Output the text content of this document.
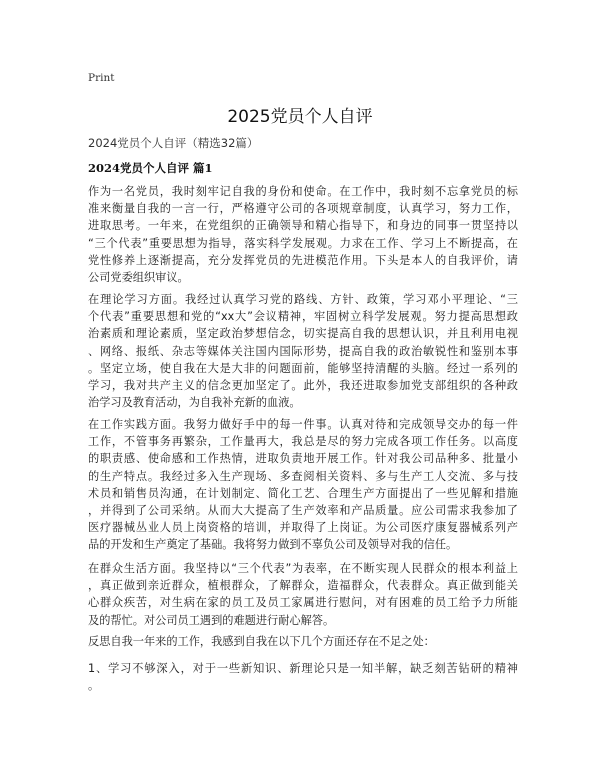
Print
2025党员个人自评
2024党员个人自评（精选32篇）
2024党员个人自评 篇1

作为一名党员，我时刻牢记自我的身份和使命。在工作中，我时刻不忘拿党员的标
准来衡量自我的一言一行，严格遵守公司的各项规章制度，认真学习，努力工作，
进取思考。一年来，在党组织的正确领导和精心指导下，和身边的同事一贯坚持以
“三个代表”重要思想为指导，落实科学发展观。力求在工作、学习上不断提高，在
党性修养上逐渐提高，充分发挥党员的先进模范作用。下头是本人的自我评价，请
公司党委组织审议。

在理论学习方面。我经过认真学习党的路线、方针、政策，学习邓小平理论、“三
个代表”重要思想和党的“xx大”会议精神，牢固树立科学发展观。努力提高思想政
治素质和理论素质，坚定政治梦想信念，切实提高自我的思想认识，并且利用电视
、网络、报纸、杂志等媒体关注国内国际形势，提高自我的政治敏锐性和鉴别本事
。坚定立场，使自我在大是大非的问题面前，能够坚持清醒的头脑。经过一系列的
学习，我对共产主义的信念更加坚定了。此外，我还进取参加党支部组织的各种政
治学习及教育活动，为自我补充新的血液。

在工作实践方面。我努力做好手中的每一件事。认真对待和完成领导交办的每一件
工作，不管事务再繁杂，工作量再大，我总是尽的努力完成各项工作任务。以高度
的职责感、使命感和工作热情，进取负责地开展工作。针对我公司品种多、批量小
的生产特点。我经过多入生产现场、多查阅相关资料、多与生产工人交流、多与技
术员和销售员沟通，在计划制定、简化工艺、合理生产方面提出了一些见解和措施
，并得到了公司采纳。从而大大提高了生产效率和产品质量。应公司需求我参加了
医疗器械丛业人员上岗资格的培训，并取得了上岗证。为公司医疗康复器械系列产
品的开发和生产奠定了基础。我将努力做到不辜负公司及领导对我的信任。

在群众生活方面。我坚持以“三个代表”为表率，在不断实现人民群众的根本利益上
，真正做到亲近群众，植根群众，了解群众，造福群众，代表群众。真正做到能关
心群众疾苦，对生病在家的员工及员工家属进行慰问，对有困难的员工给予力所能
及的帮忙。对公司员工遇到的难题进行耐心解答。

反思自我一年来的工作，我感到自我在以下几个方面还存在不足之处：

1、学习不够深入，对于一些新知识、新理论只是一知半解，缺乏刻苦钻研的精神
。
